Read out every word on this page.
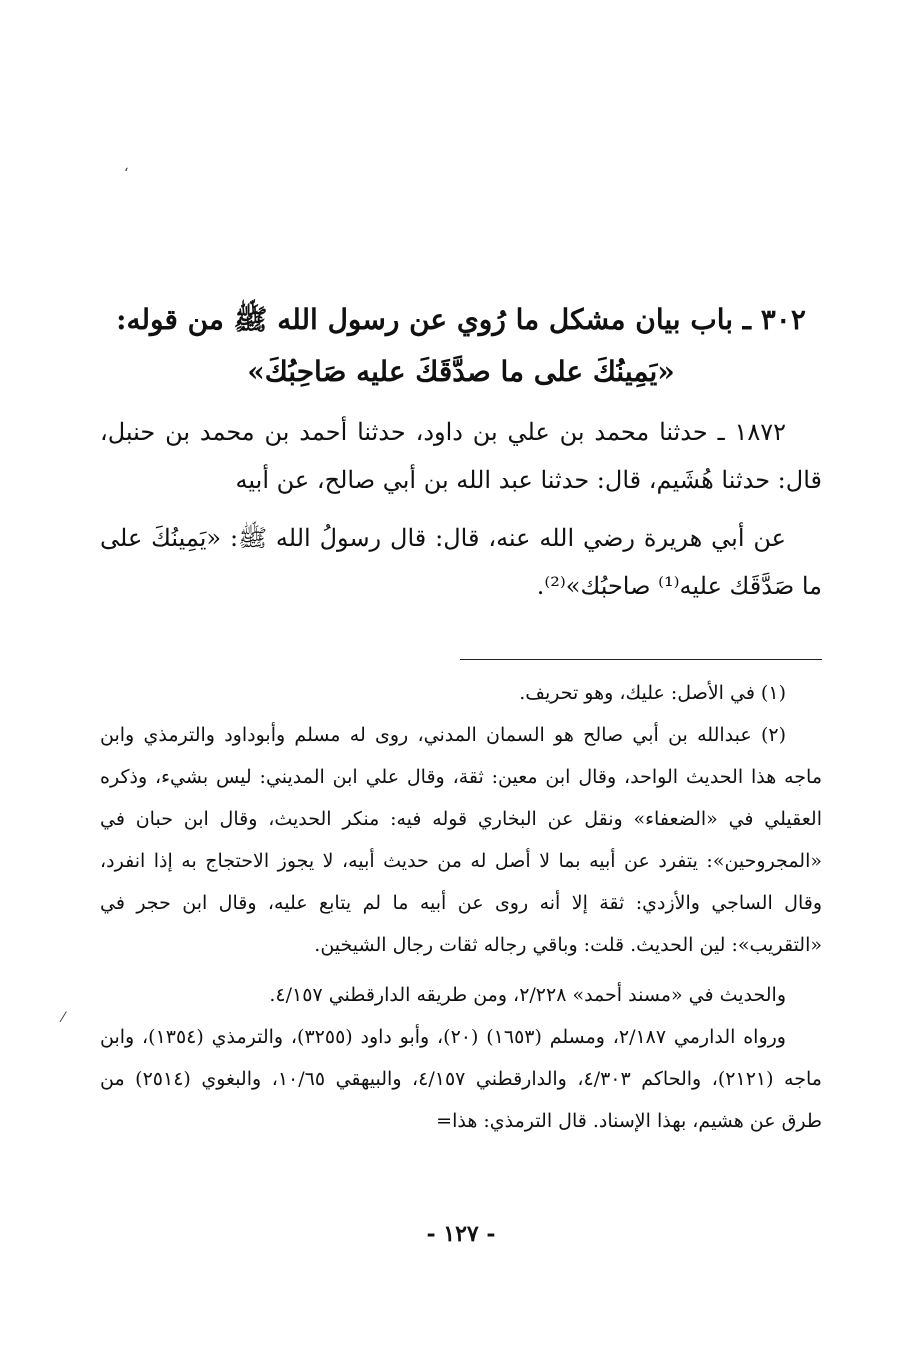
ʻ
⁄
٣٠٢ ـ باب بيان مشكل ما رُوي عن رسول الله ﷺ من قوله:
«يَمِينُكَ على ما صدَّقَكَ عليه صَاحِبُكَ»

١٨٧٢ ـ حدثنا محمد بن علي بن داود، حدثنا أحمد بن محمد بن حنبل، قال: حدثنا هُشَيم، قال: حدثنا عبد الله بن أبي صالح، عن أبيه

عن أبي هريرة رضي الله عنه، قال: قال رسولُ الله ﷺ: «يَمِينُكَ على ما صَدَّقَك عليه⁽¹⁾ صاحبُك»⁽²⁾.

(١) في الأصل: عليك، وهو تحريف.

(٢) عبدالله بن أبي صالح هو السمان المدني، روى له مسلم وأبوداود والترمذي وابن ماجه هذا الحديث الواحد، وقال ابن معين: ثقة، وقال علي ابن المديني: ليس بشيء، وذكره العقيلي في «الضعفاء» ونقل عن البخاري قوله فيه: منكر الحديث، وقال ابن حبان في «المجروحين»: يتفرد عن أبيه بما لا أصل له من حديث أبيه، لا يجوز الاحتجاج به إذا انفرد، وقال الساجي والأزدي: ثقة إلا أنه روى عن أبيه ما لم يتابع عليه، وقال ابن حجر في «التقريب»: لين الحديث. قلت: وباقي رجاله ثقات رجال الشيخين.

والحديث في «مسند أحمد» ٢/٢٢٨، ومن طريقه الدارقطني ٤/١٥٧.

ورواه الدارمي ٢/١٨٧، ومسلم (١٦٥٣) (٢٠)، وأبو داود (٣٢٥٥)، والترمذي (١٣٥٤)، وابن ماجه (٢١٢١)، والحاكم ٤/٣٠٣، والدارقطني ٤/١٥٧، والبيهقي ١٠/٦٥، والبغوي (٢٥١٤) من طرق عن هشيم، بهذا الإسناد. قال الترمذي: هذا=

- ١٢٧ -
